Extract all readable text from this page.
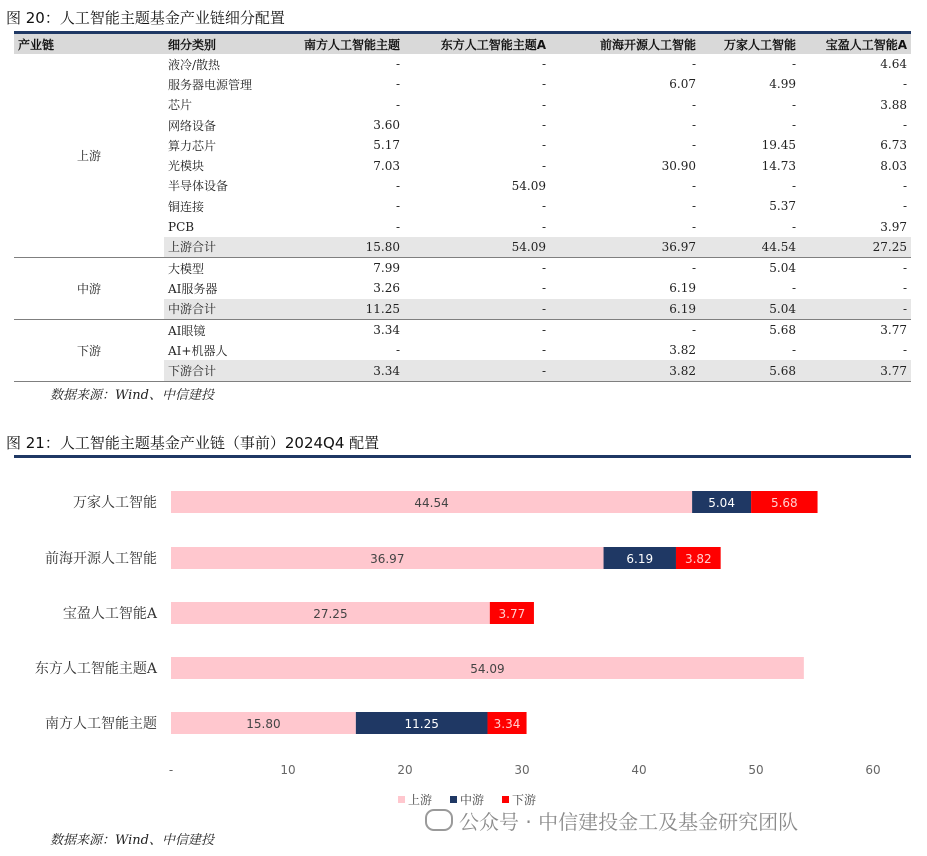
图 20：人工智能主题基金产业链细分配置
产业链	细分类别	南方人工智能主题	东方人工智能主题A	前海开源人工智能	万家人工智能	宝盈人工智能A
上游	液冷/散热	-	-	-	-	4.64
	服务器电源管理	-	-	6.07	4.99	-
	芯片	-	-	-	-	3.88
	网络设备	3.60	-	-	-	-
	算力芯片	5.17	-	-	19.45	6.73
	光模块	7.03	-	30.90	14.73	8.03
	半导体设备	-	54.09	-	-	-
	铜连接	-	-	-	5.37	-
	PCB	-	-	-	-	3.97
	上游合计	15.80	54.09	36.97	44.54	27.25
中游	大模型	7.99	-	-	5.04	-
	AI服务器	3.26	-	6.19	-	-
	中游合计	11.25	-	6.19	5.04	-
下游	AI眼镜	3.34	-	-	5.68	3.77
	AI+机器人	-	-	3.82	-	-
	下游合计	3.34	-	3.82	5.68	3.77
数据来源：Wind、中信建投
图 21：人工智能主题基金产业链（事前）2024Q4 配置
万家人工智能	44.54	5.04	5.68
前海开源人工智能	36.97	6.19	3.82
宝盈人工智能A	27.25	3.77
东方人工智能主题A	54.09
南方人工智能主题	15.80	11.25	3.34
-	10	20	30	40	50	60
上游 中游 下游
数据来源：Wind、中信建投
公众号 · 中信建投金工及基金研究团队
